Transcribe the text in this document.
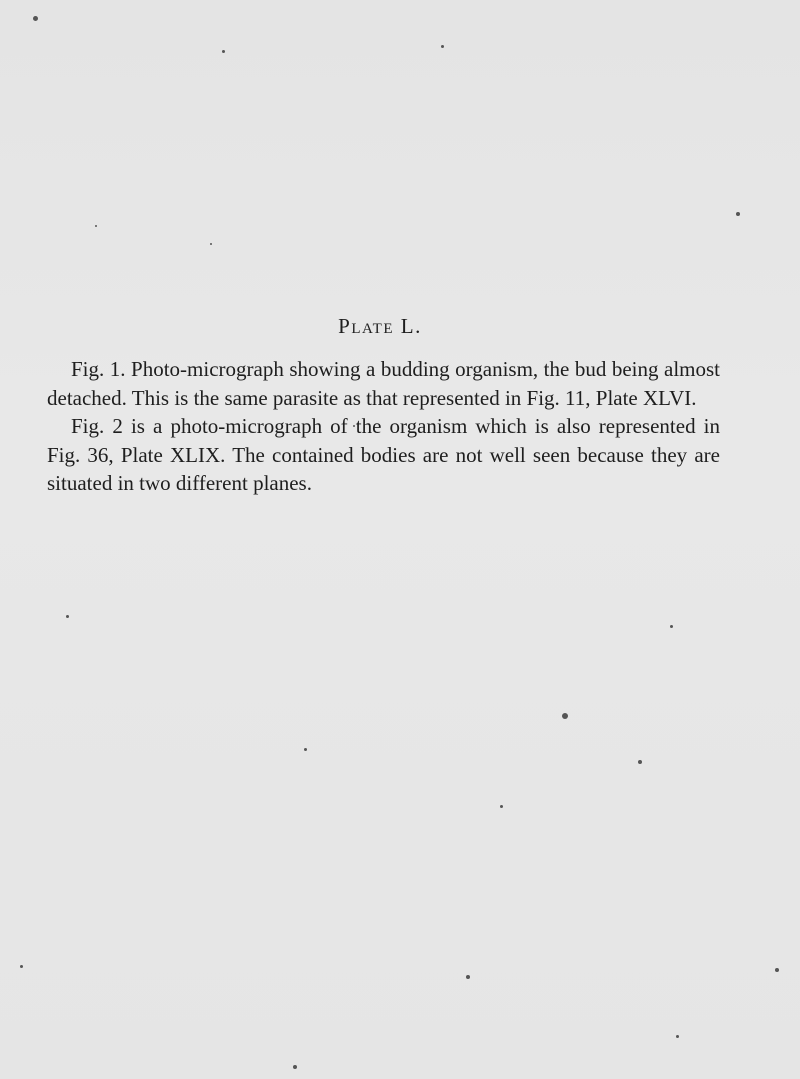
Plate L.

Fig. 1. Photo-micrograph showing a budding organism, the bud being almost detached. This is the same parasite as that represented in Fig. 11, Plate XLVI.

Fig. 2 is a photo-micrograph of the organism which is also represented in Fig. 36, Plate XLIX. The contained bodies are not well seen because they are situated in two different planes.
